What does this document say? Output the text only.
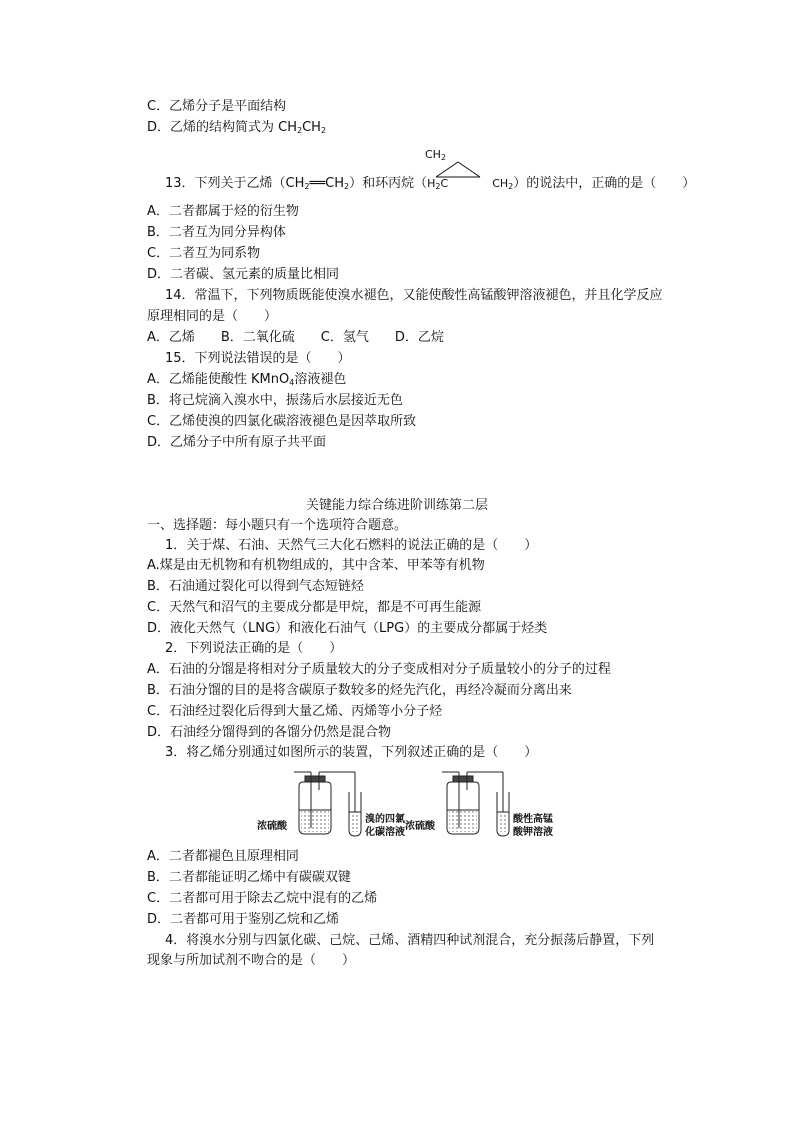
C．乙烯分子是平面结构
D．乙烯的结构简式为 $CH_2CH_2$
$CH_2$
13．下列关于乙烯$(CH_2══CH_2)$和环丙烷（$H_2C$	$CH_2$）的说法中，正确的是（　　）
A．二者都属于烃的衍生物
B．二者互为同分异构体
C．二者互为同系物
D．二者碳、氢元素的质量比相同
14．常温下，下列物质既能使溴水褪色，又能使酸性高锰酸钾溶液褪色，并且化学反应
原理相同的是（　　）
A．乙烯　　B．二氧化硫　　C．氢气　　D．乙烷
15．下列说法错误的是（　　）
A．乙烯能使酸性 KMnO$_4$溶液褪色
B．将己烷滴入溴水中，振荡后水层接近无色
C．乙烯使溴的四氯化碳溶液褪色是因萃取所致
D．乙烯分子中所有原子共平面
关键能力综合练进阶训练第二层
一、选择题：每小题只有一个选项符合题意。
1．关于煤、石油、天然气三大化石燃料的说法正确的是（　　）
A.煤是由无机物和有机物组成的，其中含苯、甲苯等有机物
B．石油通过裂化可以得到气态短链烃
C．天然气和沼气的主要成分都是甲烷，都是不可再生能源
D．液化天然气（LNG）和液化石油气（LPG）的主要成分都属于烃类
2．下列说法正确的是（　　）
A．石油的分馏是将相对分子质量较大的分子变成相对分子质量较小的分子的过程
B．石油分馏的目的是将含碳原子数较多的烃先汽化，再经冷凝而分离出来
C．石油经过裂化后得到大量乙烯、丙烯等小分子烃
D．石油经分馏得到的各馏分仍然是混合物
3．将乙烯分别通过如图所示的装置，下列叙述正确的是（　　）
浓硫酸
溴的四氯
化碳溶液
浓硫酸
酸性高锰
酸钾溶液
A．二者都褪色且原理相同
B．二者都能证明乙烯中有碳碳双键
C．二者都可用于除去乙烷中混有的乙烯
D．二者都可用于鉴别乙烷和乙烯
4．将溴水分别与四氯化碳、己烷、己烯、酒精四种试剂混合，充分振荡后静置，下列
现象与所加试剂不吻合的是（　　）
